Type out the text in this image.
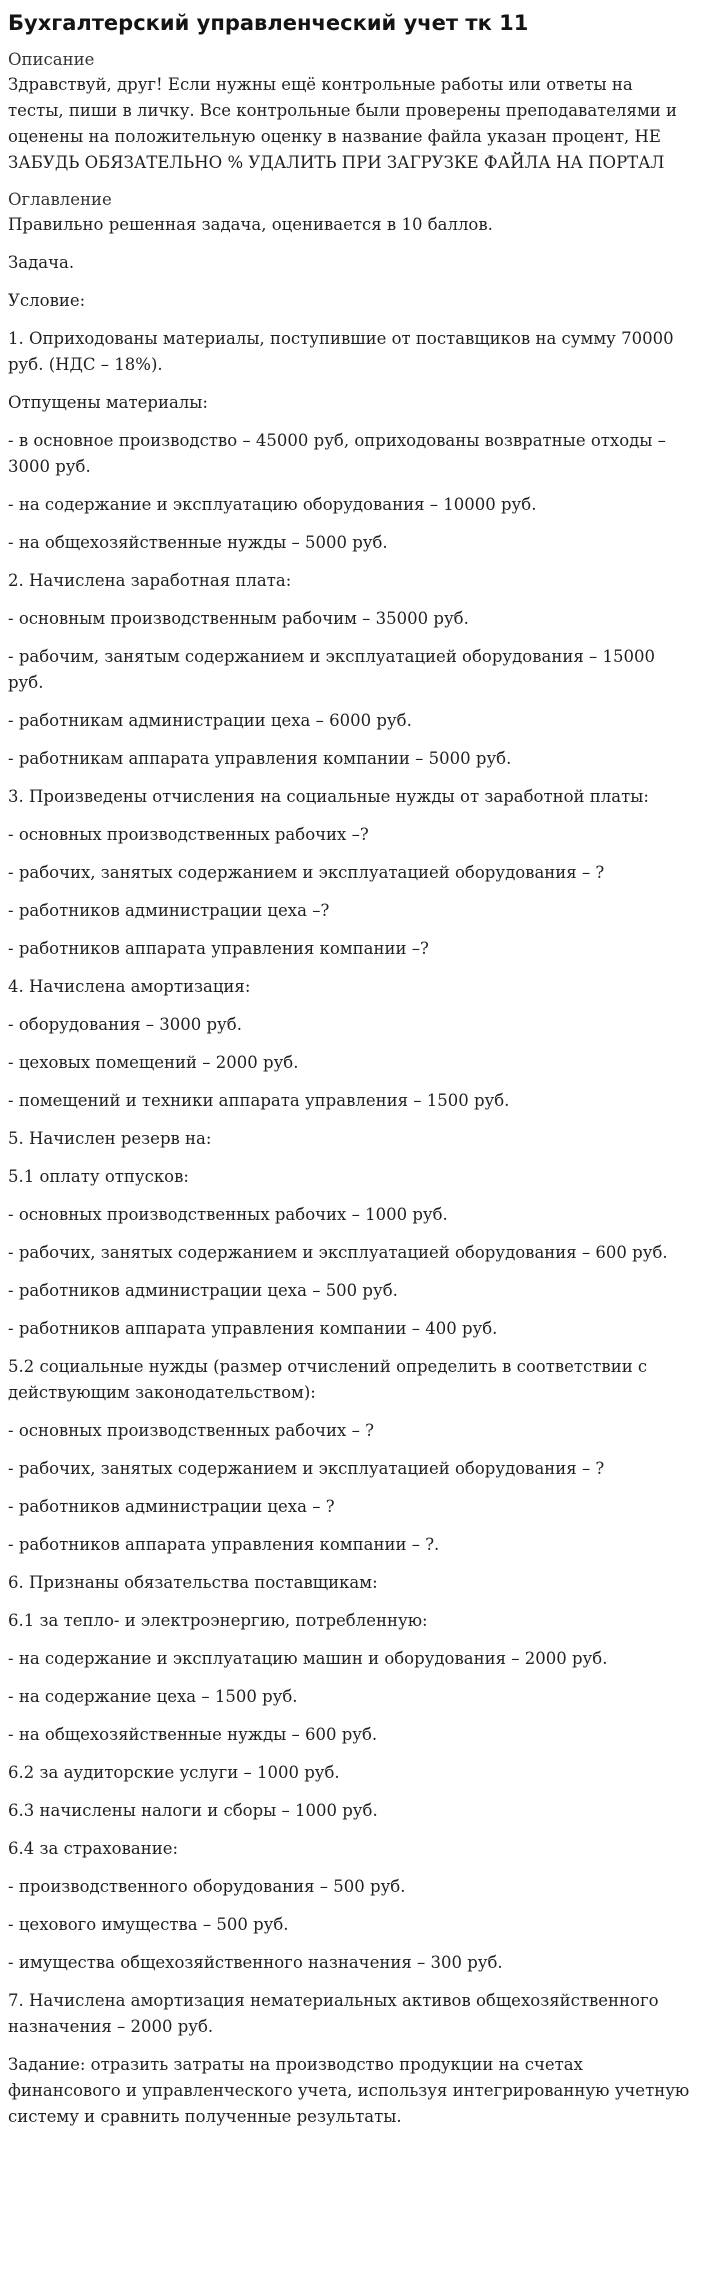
Бухгалтерский управленческий учет тк 11
Описание

Здравствуй, друг! Если нужны ещё контрольные работы или ответы на тесты, пиши в личку. Все контрольные были проверены преподавателями и оценены на положительную оценку в название файла указан процент, НЕ ЗАБУДЬ ОБЯЗАТЕЛЬНО % УДАЛИТЬ ПРИ ЗАГРУЗКЕ ФАЙЛА НА ПОРТАЛ

Оглавление

Правильно решенная задача, оценивается в 10 баллов.

Задача.

Условие:

1. Оприходованы материалы, поступившие от поставщиков на сумму 70000 руб. (НДС – 18%).

Отпущены материалы:

- в основное производство – 45000 руб, оприходованы возвратные отходы – 3000 руб.

- на содержание и эксплуатацию оборудования – 10000 руб.

- на общехозяйственные нужды – 5000 руб.

2. Начислена заработная плата:

- основным производственным рабочим – 35000 руб.

- рабочим, занятым содержанием и эксплуатацией оборудования – 15000 руб.

- работникам администрации цеха – 6000 руб.

- работникам аппарата управления компании – 5000 руб.

3. Произведены отчисления на социальные нужды от заработной платы:

- основных производственных рабочих –?

- рабочих, занятых содержанием и эксплуатацией оборудования – ?

- работников администрации цеха –?

- работников аппарата управления компании –?

4. Начислена амортизация:

- оборудования – 3000 руб.

- цеховых помещений – 2000 руб.

- помещений и техники аппарата управления – 1500 руб.

5. Начислен резерв на:

5.1 оплату отпусков:

- основных производственных рабочих – 1000 руб.

- рабочих, занятых содержанием и эксплуатацией оборудования – 600 руб.

- работников администрации цеха – 500 руб.

- работников аппарата управления компании – 400 руб.

5.2 социальные нужды (размер отчислений определить в соответствии с действующим законодательством):

- основных производственных рабочих – ?

- рабочих, занятых содержанием и эксплуатацией оборудования – ?

- работников администрации цеха – ?

- работников аппарата управления компании – ?.

6. Признаны обязательства поставщикам:

6.1 за тепло- и электроэнергию, потребленную:

- на содержание и эксплуатацию машин и оборудования – 2000 руб.

- на содержание цеха – 1500 руб.

- на общехозяйственные нужды – 600 руб.

6.2 за аудиторские услуги – 1000 руб.

6.3 начислены налоги и сборы – 1000 руб.

6.4 за страхование:

- производственного оборудования – 500 руб.

- цехового имущества – 500 руб.

- имущества общехозяйственного назначения – 300 руб.

7. Начислена амортизация нематериальных активов общехозяйственного назначения – 2000 руб.

Задание: отразить затраты на производство продукции на счетах финансового и управленческого учета, используя интегрированную учетную систему и сравнить полученные результаты.
